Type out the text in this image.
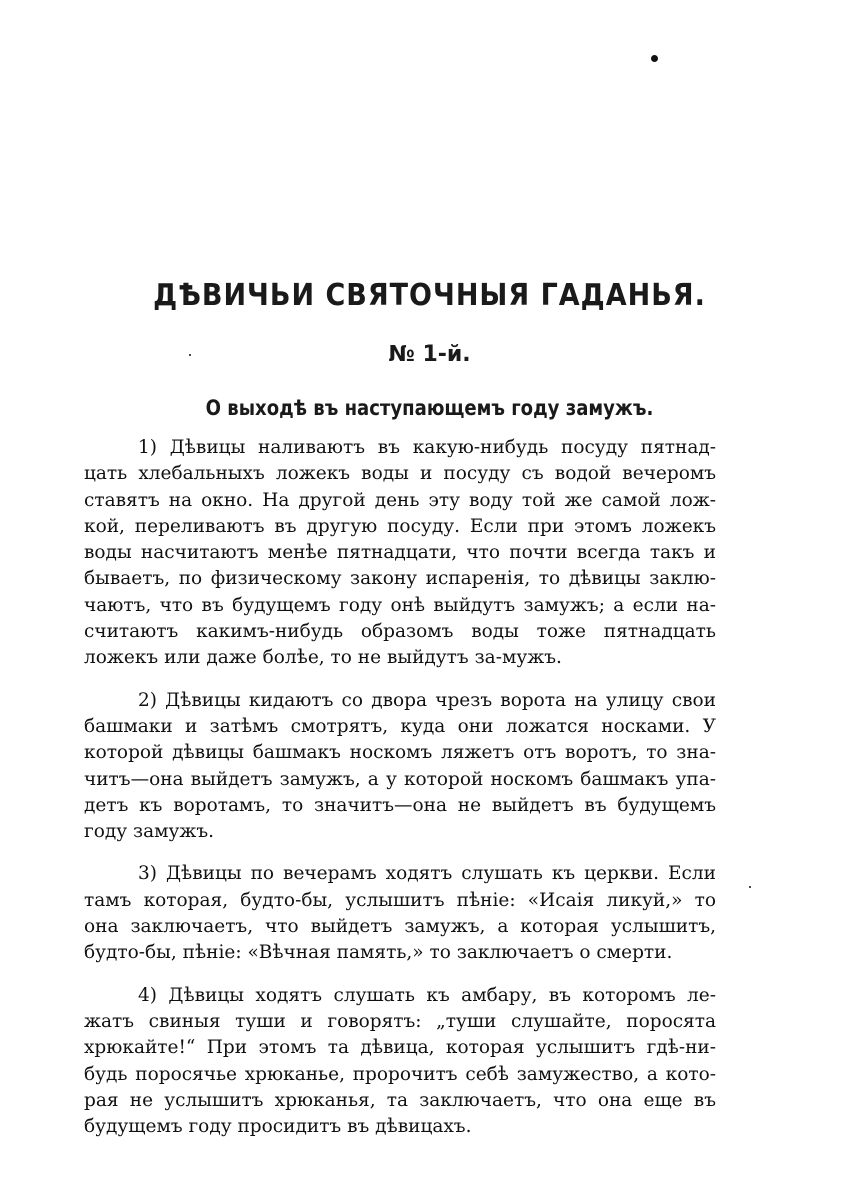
ДѢВИЧЬИ СВЯТОЧНЫЯ ГАДАНЬЯ.
№ 1-й.
О выходѣ въ наступающемъ году замужъ.
1) Дѣвицы наливаютъ въ какую-нибудь посуду пятнад-
цать хлебальныхъ ложекъ воды и посуду съ водой вечеромъ
ставятъ на окно. На другой день эту воду той же самой лож-
кой, переливаютъ въ другую посуду. Если при этомъ ложекъ
воды насчитаютъ менѣе пятнадцати, что почти всегда такъ и
бываетъ, по физическому закону испаренія, то дѣвицы заклю-
чаютъ, что въ будущемъ году онѣ выйдутъ замужъ; а если на-
считаютъ какимъ-нибудь образомъ воды тоже пятнадцать
ложекъ или даже болѣе, то не выйдутъ за-мужъ.
2) Дѣвицы кидаютъ со двора чрезъ ворота на улицу свои
башмаки и затѣмъ смотрятъ, куда они ложатся носками. У
которой дѣвицы башмакъ носкомъ ляжетъ отъ воротъ, то зна-
читъ—она выйдетъ замужъ, а у которой носкомъ башмакъ упа-
детъ къ воротамъ, то значитъ—она не выйдетъ въ будущемъ
году замужъ.
3) Дѣвицы по вечерамъ ходятъ слушать къ церкви. Если
тамъ которая, будто-бы, услышитъ пѣніе: «Исаія ликуй,» то
она заключаетъ, что выйдетъ замужъ, а которая услышитъ,
будто-бы, пѣніе: «Вѣчная память,» то заключаетъ о смерти.
4) Дѣвицы ходятъ слушать къ амбару, въ которомъ ле-
жатъ свиныя туши и говорятъ: „туши слушайте, поросята
хрюкайте!“ При этомъ та дѣвица, которая услышитъ гдѣ-ни-
будь поросячье хрюканье, пророчитъ себѣ замужество, а кото-
рая не услышитъ хрюканья, та заключаетъ, что она еще въ
будущемъ году просидитъ въ дѣвицахъ.
